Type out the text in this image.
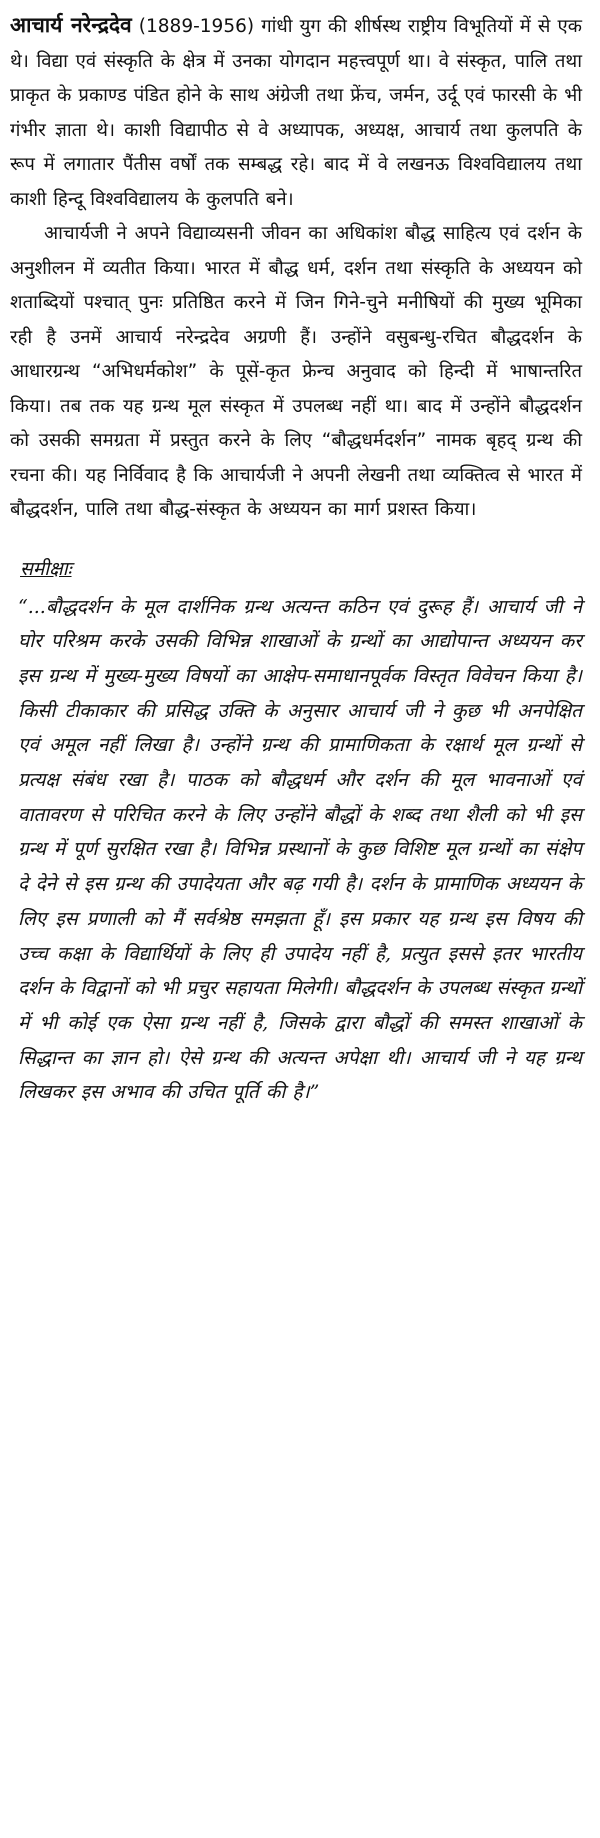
आचार्य नरेन्द्रदेव (1889-1956) गांधी युग की शीर्षस्थ राष्ट्रीय विभूतियों में से एक थे। विद्या एवं संस्कृति के क्षेत्र में उनका योगदान महत्त्वपूर्ण था। वे संस्कृत, पालि तथा प्राकृत के प्रकाण्ड पंडित होने के साथ अंग्रेजी तथा फ्रेंच, जर्मन, उर्दू एवं फारसी के भी गंभीर ज्ञाता थे। काशी विद्यापीठ से वे अध्यापक, अध्यक्ष, आचार्य तथा कुलपति के रूप में लगातार पैंतीस वर्षों तक सम्बद्ध रहे। बाद में वे लखनऊ विश्वविद्यालय तथा काशी हिन्दू विश्वविद्यालय के कुलपति बने।

आचार्यजी ने अपने विद्याव्यसनी जीवन का अधिकांश बौद्ध साहित्य एवं दर्शन के अनुशीलन में व्यतीत किया। भारत में बौद्ध धर्म, दर्शन तथा संस्कृति के अध्ययन को शताब्दियों पश्चात् पुनः प्रतिष्ठित करने में जिन गिने-चुने मनीषियों की मुख्य भूमिका रही है उनमें आचार्य नरेन्द्रदेव अग्रणी हैं। उन्होंने वसुबन्धु-रचित बौद्धदर्शन के आधारग्रन्थ “अभिधर्मकोश” के पूसें-कृत फ्रेन्च अनुवाद को हिन्दी में भाषान्तरित किया। तब तक यह ग्रन्थ मूल संस्कृत में उपलब्ध नहीं था। बाद में उन्होंने बौद्धदर्शन को उसकी समग्रता में प्रस्तुत करने के लिए “बौद्धधर्मदर्शन” नामक बृहद् ग्रन्थ की रचना की। यह निर्विवाद है कि आचार्यजी ने अपनी लेखनी तथा व्यक्तित्व से भारत में बौद्धदर्शन, पालि तथा बौद्ध-संस्कृत के अध्ययन का मार्ग प्रशस्त किया।

समीक्षाः

“...बौद्धदर्शन के मूल दार्शनिक ग्रन्थ अत्यन्त कठिन एवं दुरूह हैं। आचार्य जी ने घोर परिश्रम करके उसकी विभिन्न शाखाओं के ग्रन्थों का आद्योपान्त अध्ययन कर इस ग्रन्थ में मुख्य-मुख्य विषयों का आक्षेप-समाधानपूर्वक विस्तृत विवेचन किया है। किसी टीकाकार की प्रसिद्ध उक्ति के अनुसार आचार्य जी ने कुछ भी अनपेक्षित एवं अमूल नहीं लिखा है। उन्होंने ग्रन्थ की प्रामाणिकता के रक्षार्थ मूल ग्रन्थों से प्रत्यक्ष संबंध रखा है। पाठक को बौद्धधर्म और दर्शन की मूल भावनाओं एवं वातावरण से परिचित करने के लिए उन्होंने बौद्धों के शब्द तथा शैली को भी इस ग्रन्थ में पूर्ण सुरक्षित रखा है। विभिन्न प्रस्थानों के कुछ विशिष्ट मूल ग्रन्थों का संक्षेप दे देने से इस ग्रन्थ की उपादेयता और बढ़ गयी है। दर्शन के प्रामाणिक अध्ययन के लिए इस प्रणाली को मैं सर्वश्रेष्ठ समझता हूँ। इस प्रकार यह ग्रन्थ इस विषय की उच्च कक्षा के विद्यार्थियों के लिए ही उपादेय नहीं है, प्रत्युत इससे इतर भारतीय दर्शन के विद्वानों को भी प्रचुर सहायता मिलेगी। बौद्धदर्शन के उपलब्ध संस्कृत ग्रन्थों में भी कोई एक ऐसा ग्रन्थ नहीं है, जिसके द्वारा बौद्धों की समस्त शाखाओं के सिद्धान्त का ज्ञान हो। ऐसे ग्रन्थ की अत्यन्त अपेक्षा थी। आचार्य जी ने यह ग्रन्थ लिखकर इस अभाव की उचित पूर्ति की है।”
